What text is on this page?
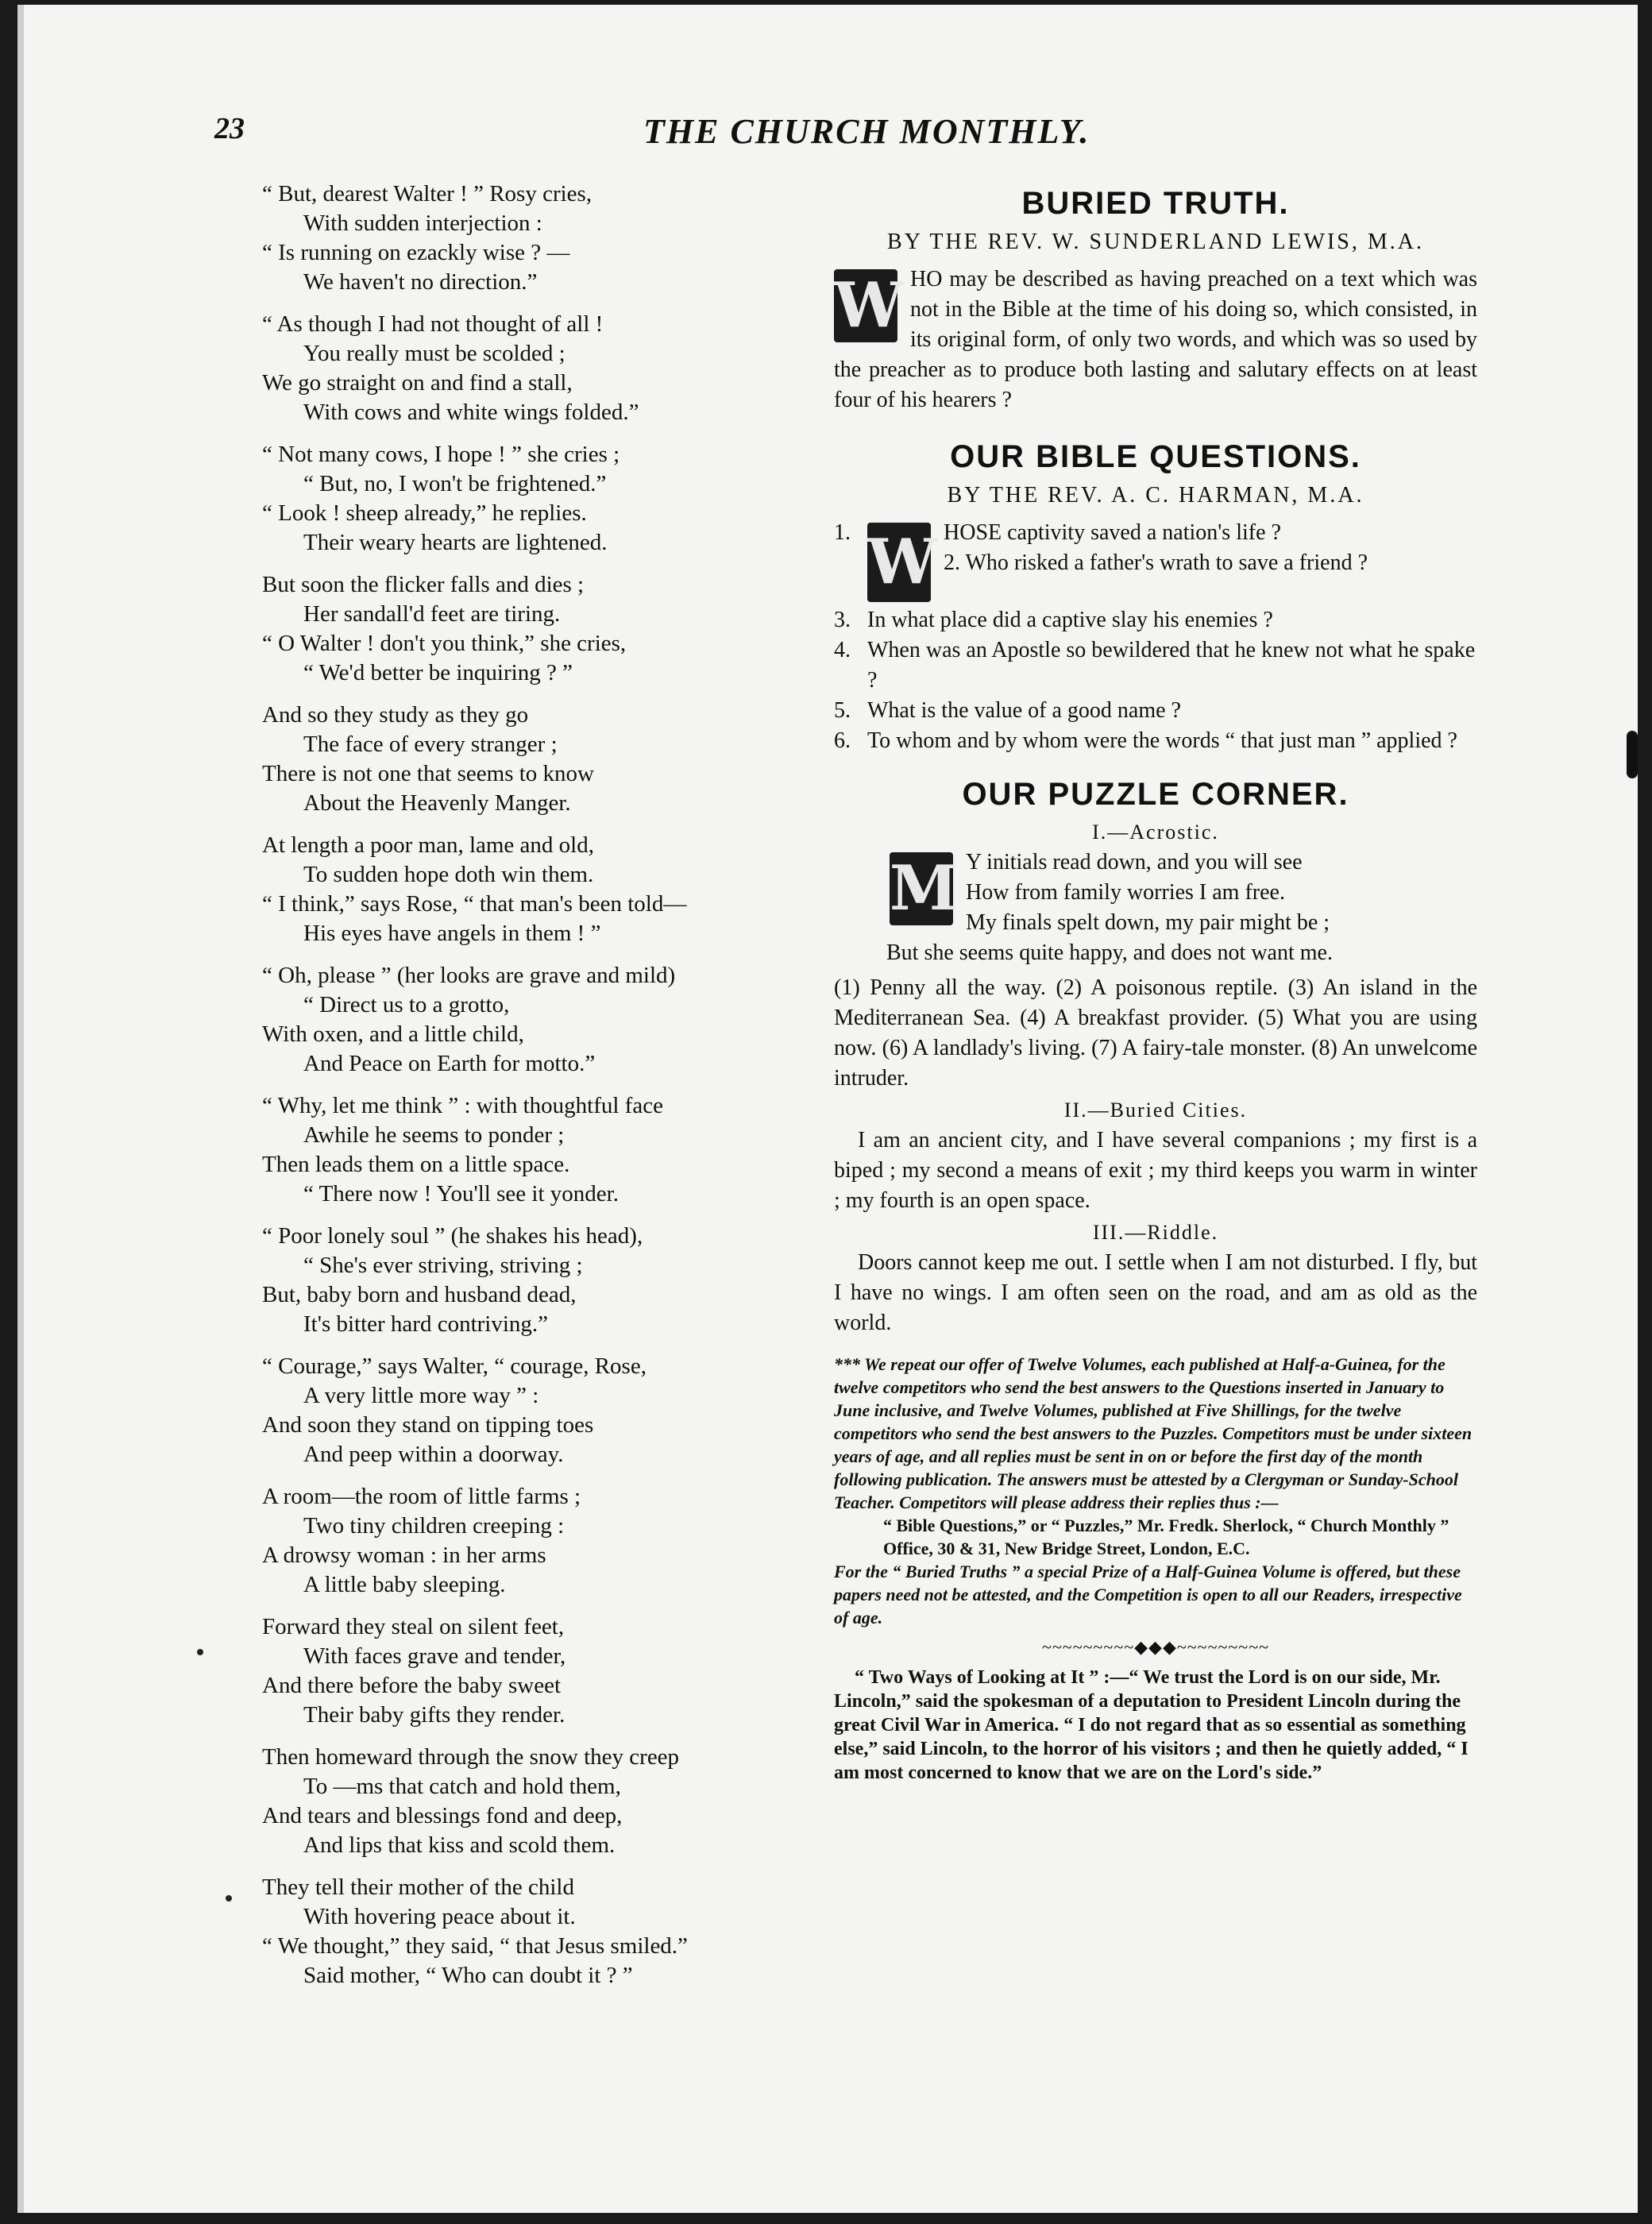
23	THE CHURCH MONTHLY.
“ But, dearest Walter ! ” Rosy cries,
With sudden interjection :
“ Is running on ezackly wise ? —
We haven't no direction.”
“ As though I had not thought of all !
You really must be scolded ;
We go straight on and find a stall,
With cows and white wings folded.”
“ Not many cows, I hope ! ” she cries ;
“ But, no, I won't be frightened.”
“ Look ! sheep already,” he replies.
Their weary hearts are lightened.
But soon the flicker falls and dies ;
Her sandall'd feet are tiring.
“ O Walter ! don't you think,” she cries,
“ We'd better be inquiring ? ”
And so they study as they go
The face of every stranger ;
There is not one that seems to know
About the Heavenly Manger.
At length a poor man, lame and old,
To sudden hope doth win them.
“ I think,” says Rose, “ that man's been told—
His eyes have angels in them ! ”
“ Oh, please ” (her looks are grave and mild)
“ Direct us to a grotto,
With oxen, and a little child,
And Peace on Earth for motto.”
“ Why, let me think ” : with thoughtful face
Awhile he seems to ponder ;
Then leads them on a little space.
“ There now ! You'll see it yonder.
“ Poor lonely soul ” (he shakes his head),
“ She's ever striving, striving ;
But, baby born and husband dead,
It's bitter hard contriving.”
“ Courage,” says Walter, “ courage, Rose,
A very little more way ” :
And soon they stand on tipping toes
And peep within a doorway.
A room—the room of little farms ;
Two tiny children creeping :
A drowsy woman : in her arms
A little baby sleeping.
Forward they steal on silent feet,
With faces grave and tender,
And there before the baby sweet
Their baby gifts they render.
Then homeward through the snow they creep
To —ms that catch and hold them,
And tears and blessings fond and deep,
And lips that kiss and scold them.
They tell their mother of the child
With hovering peace about it.
“ We thought,” they said, “ that Jesus smiled.”
Said mother, “ Who can doubt it ? ”
BURIED TRUTH.
BY THE REV. W. SUNDERLAND LEWIS, M.A.
W HO may be described as having preached on a text which was not in the Bible at the time of his doing so, which consisted, in its original form, of only two words, and which was so used by the preacher as to produce both lasting and salutary effects on at least four of his hearers ?
OUR BIBLE QUESTIONS.
BY THE REV. A. C. HARMAN, M.A.
1. W HOSE captivity saved a nation's life ?
2. Who risked a father's wrath to save a friend ?
3. In what place did a captive slay his enemies ?
4. When was an Apostle so bewildered that he knew not what he spake ?
5. What is the value of a good name ?
6. To whom and by whom were the words “ that just man ” applied ?
OUR PUZZLE CORNER.
I.—Acrostic.
M Y initials read down, and you will see
How from family worries I am free.
My finals spelt down, my pair might be ;
But she seems quite happy, and does not want me.
(1) Penny all the way. (2) A poisonous reptile. (3) An island in the Mediterranean Sea. (4) A breakfast provider. (5) What you are using now. (6) A landlady's living. (7) A fairy-tale monster. (8) An unwelcome intruder.
II.—Buried Cities.
I am an ancient city, and I have several companions ; my first is a biped ; my second a means of exit ; my third keeps you warm in winter ; my fourth is an open space.
III.—Riddle.
Doors cannot keep me out. I settle when I am not disturbed. I fly, but I have no wings. I am often seen on the road, and am as old as the world.
*** We repeat our offer of Twelve Volumes, each published at Half-a-Guinea, for the twelve competitors who send the best answers to the Questions inserted in January to June inclusive, and Twelve Volumes, published at Five Shillings, for the twelve competitors who send the best answers to the Puzzles. Competitors must be under sixteen years of age, and all replies must be sent in on or before the first day of the month following publication. The answers must be attested by a Clergyman or Sunday-School Teacher. Competitors will please address their replies thus :—
“ Bible Questions,” or “ Puzzles,” Mr. Fredk. Sherlock, “ Church Monthly ” Office, 30 & 31, New Bridge Street, London, E.C.
For the “ Buried Truths ” a special Prize of a Half-Guinea Volume is offered, but these papers need not be attested, and the Competition is open to all our Readers, irrespective of age.
~~~~~~~~~◆◆◆~~~~~~~~~
“ Two Ways of Looking at It ” :—“ We trust the Lord is on our side, Mr. Lincoln,” said the spokesman of a deputation to President Lincoln during the great Civil War in America. “ I do not regard that as so essential as something else,” said Lincoln, to the horror of his visitors ; and then he quietly added, “ I am most concerned to know that we are on the Lord's side.”
